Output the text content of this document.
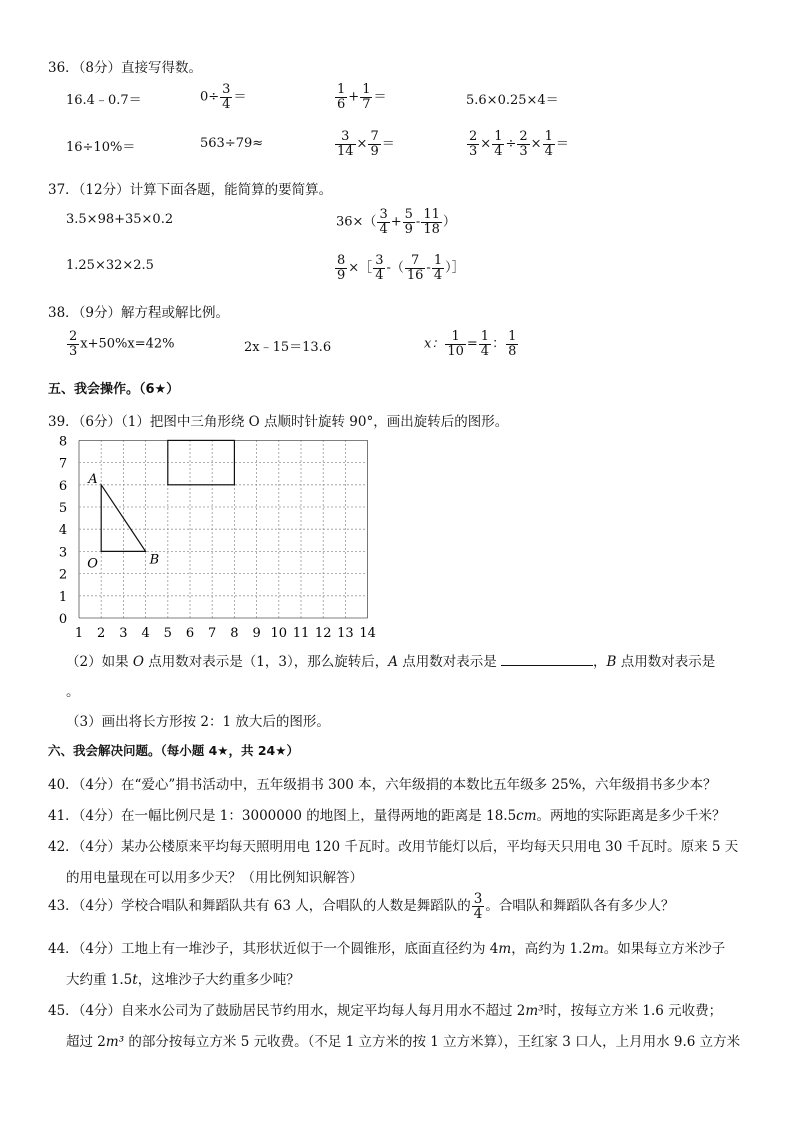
36．（8分）直接写得数。
16.4﹣0.7＝	$0\div \frac{3}{4}$ ＝	$\frac{1}{6} + \frac{1}{7}$ ＝	5.6×0.25×4＝
16÷10%＝	563÷79≈	$\frac{3}{14} \times \frac{7}{9}$ ＝	$\frac{2}{3} \times \frac{1}{4} \div \frac{2}{3} \times \frac{1}{4}$ ＝
37．（12分）计算下面各题，能简算的要简算。
3.5×98+35×0.2	$36\times( \frac{3}{4} + \frac{5}{9} - \frac{11}{18}$ ）
1.25×32×2.5	$\frac{8}{9}$ ×［ $\frac{3}{4}$ -（ $\frac{7}{16} - \frac{1}{4}$ ）］
38．（9分）解方程或解比例。
$\frac{2}{3} x+50\%x=42\%$	2x﹣15＝13.6	x： $\frac{1}{10} = \frac{1}{4}$ ： $\frac{1}{8}$
五、我会操作。（6★）
39．（6分）（1）把图中三角形绕 O 点顺时针旋转 90°，画出旋转后的图形。
0
1
2
3
4
5
6
7
8
1 2 3 4 5 6 7 8 9 10 11 12 13 14
A
B
O
（2）如果 O 点用数对表示是（1，3），那么旋转后，A 点用数对表示是	，B 点用数对表示是
。
（3）画出将长方形按 2：1 放大后的图形。
六、我会解决问题。（每小题 4★，共 24★）
40．（4分）在“爱心”捐书活动中，五年级捐书 300 本，六年级捐的本数比五年级多 25%，六年级捐书多少本？
41．（4分）在一幅比例尺是 1：3000000 的地图上，量得两地的距离是 18.5cm。两地的实际距离是多少千米？
42．（4分）某办公楼原来平均每天照明用电 120 千瓦时。改用节能灯以后，平均每天只用电 30 千瓦时。原来 5 天
的用电量现在可以用多少天？（用比例知识解答）
43．（4分）学校合唱队和舞蹈队共有 63 人，合唱队的人数是舞蹈队的 $\frac{3}{4}$ 。合唱队和舞蹈队各有多少人？
44．（4分）工地上有一堆沙子，其形状近似于一个圆锥形，底面直径约为 4m，高约为 1.2m。如果每立方米沙子
大约重 1.5t，这堆沙子大约重多少吨？
45．（4分）自来水公司为了鼓励居民节约用水，规定平均每人每月用水不超过 2m³时，按每立方米 1.6 元收费；
超过 2m³ 的部分按每立方米 5 元收费。（不足 1 立方米的按 1 立方米算），王红家 3 口人，上月用水 9.6 立方米
